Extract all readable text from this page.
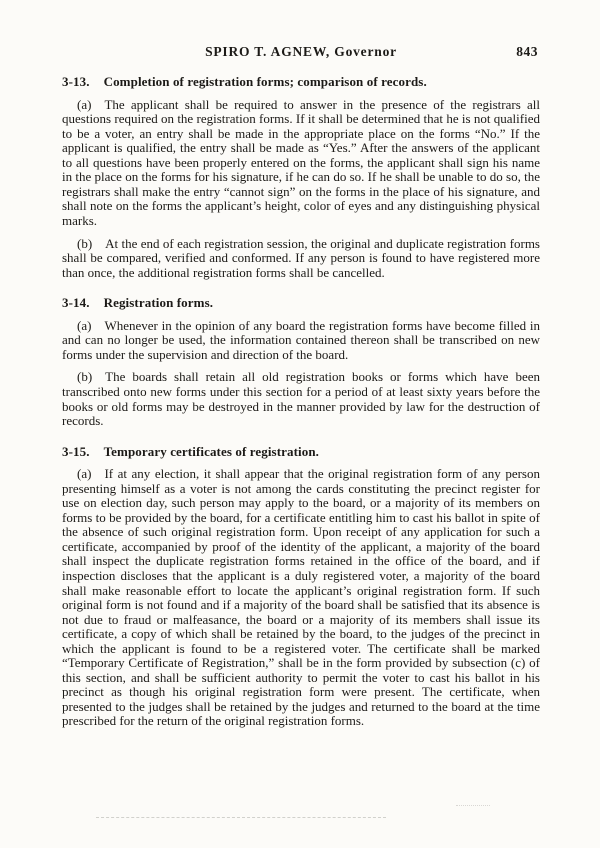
SPIRO T. AGNEW, Governor	843
3-13. Completion of registration forms; comparison of records.

(a) The applicant shall be required to answer in the presence of the registrars all questions required on the registration forms. If it shall be determined that he is not qualified to be a voter, an entry shall be made in the appropriate place on the forms “No.” If the applicant is qualified, the entry shall be made as “Yes.” After the answers of the applicant to all questions have been properly entered on the forms, the applicant shall sign his name in the place on the forms for his signature, if he can do so. If he shall be unable to do so, the registrars shall make the entry “cannot sign” on the forms in the place of his signature, and shall note on the forms the applicant’s height, color of eyes and any distinguishing physical marks.

(b) At the end of each registration session, the original and duplicate registration forms shall be compared, verified and conformed. If any person is found to have registered more than once, the additional registration forms shall be cancelled.

3-14. Registration forms.

(a) Whenever in the opinion of any board the registration forms have become filled in and can no longer be used, the information contained thereon shall be transcribed on new forms under the supervision and direction of the board.

(b) The boards shall retain all old registration books or forms which have been transcribed onto new forms under this section for a period of at least sixty years before the books or old forms may be destroyed in the manner provided by law for the destruction of records.

3-15. Temporary certificates of registration.

(a) If at any election, it shall appear that the original registration form of any person presenting himself as a voter is not among the cards constituting the precinct register for use on election day, such person may apply to the board, or a majority of its members on forms to be provided by the board, for a certificate entitling him to cast his ballot in spite of the absence of such original registration form. Upon receipt of any application for such a certificate, accompanied by proof of the identity of the applicant, a majority of the board shall inspect the duplicate registration forms retained in the office of the board, and if inspection discloses that the applicant is a duly registered voter, a majority of the board shall make reasonable effort to locate the applicant’s original registration form. If such original form is not found and if a majority of the board shall be satisfied that its absence is not due to fraud or malfeasance, the board or a majority of its members shall issue its certificate, a copy of which shall be retained by the board, to the judges of the precinct in which the applicant is found to be a registered voter. The certificate shall be marked “Temporary Certificate of Registration,” shall be in the form provided by subsection (c) of this section, and shall be sufficient authority to permit the voter to cast his ballot in his precinct as though his original registration form were present. The certificate, when presented to the judges shall be retained by the judges and returned to the board at the time prescribed for the return of the original registration forms.
